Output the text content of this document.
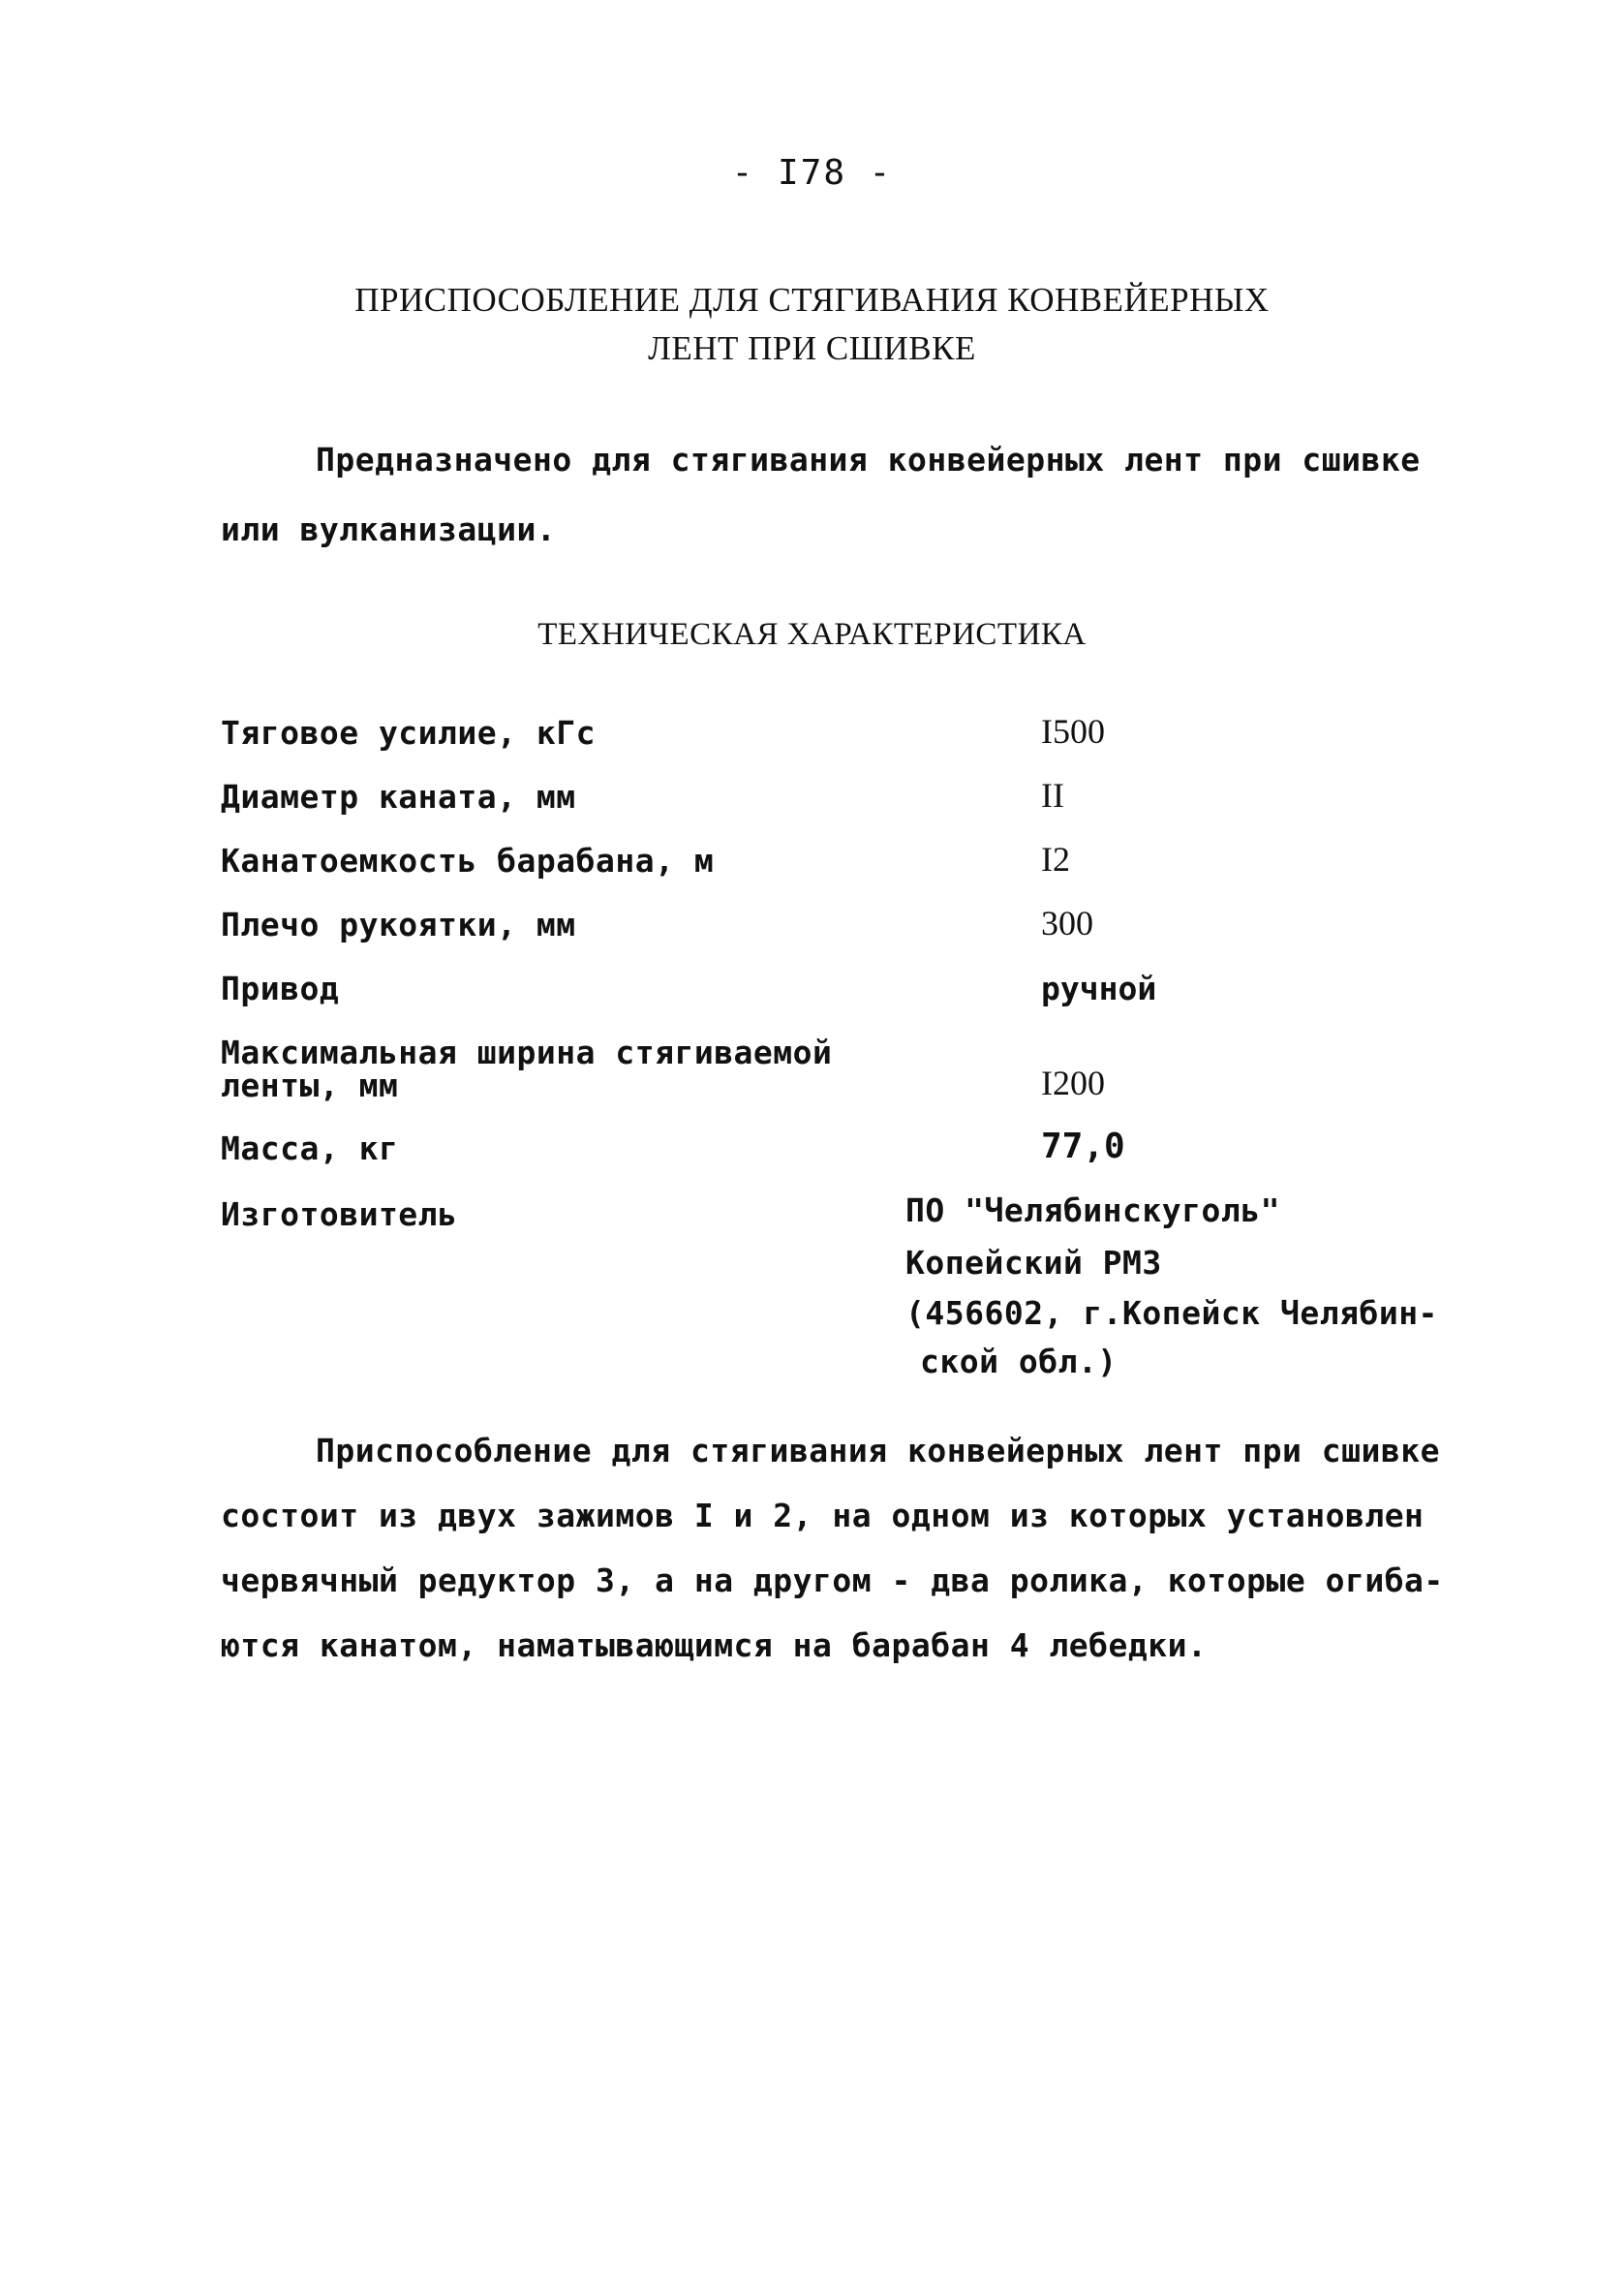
- I78 -
ПРИСПОСОБЛЕНИЕ ДЛЯ СТЯГИВАНИЯ КОНВЕЙЕРНЫХ
ЛЕНТ ПРИ СШИВКЕ
Предназначено для стягивания конвейерных лент при сшивке
или вулканизации.
ТЕХНИЧЕСКАЯ ХАРАКТЕРИСТИКА
Тяговое усилие, кГс	I500
Диаметр каната, мм	II
Канатоемкость барабана, м	I2
Плечо рукоятки, мм	300
Привод	ручной
Максимальная ширина стягиваемой
ленты, мм	I200
Масса, кг	77,0
Изготовитель	ПО "Челябинскуголь"
Копейский РМЗ
(456602, г.Копейск Челябин-
ской обл.)
Приспособление для стягивания конвейерных лент при сшивке
состоит из двух зажимов I и 2, на одном из которых установлен
червячный редуктор 3, а на другом - два ролика, которые огиба-
ются канатом, наматывающимся на барабан 4 лебедки.
